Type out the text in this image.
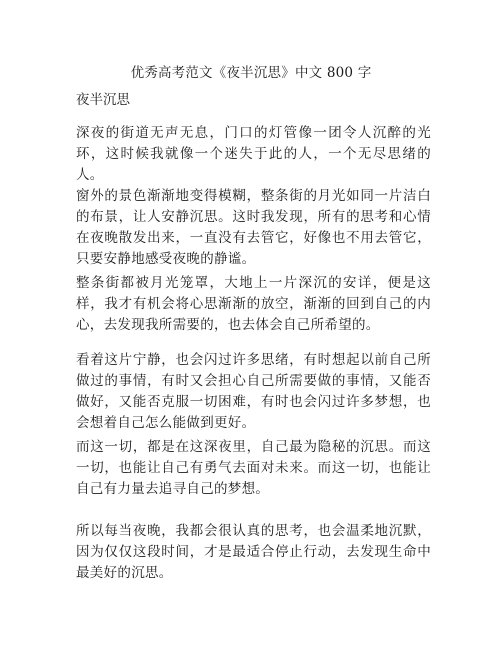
优秀高考范文《夜半沉思》中文 800 字
夜半沉思

深夜的街道无声无息，门口的灯管像一团令人沉醉的光环，这时候我就像一个迷失于此的人，一个无尽思绪的人。

窗外的景色渐渐地变得模糊，整条街的月光如同一片洁白的布景，让人安静沉思。这时我发现，所有的思考和心情在夜晚散发出来，一直没有去管它，好像也不用去管它，只要安静地感受夜晚的静谧。

整条街都被月光笼罩，大地上一片深沉的安详，便是这样，我才有机会将心思渐渐的放空，渐渐的回到自己的内心，去发现我所需要的，也去体会自己所希望的。

看着这片宁静，也会闪过许多思绪，有时想起以前自己所做过的事情，有时又会担心自己所需要做的事情，又能否做好，又能否克服一切困难，有时也会闪过许多梦想，也会想着自己怎么能做到更好。

而这一切，都是在这深夜里，自己最为隐秘的沉思。而这一切，也能让自己有勇气去面对未来。而这一切，也能让自己有力量去追寻自己的梦想。

所以每当夜晚，我都会很认真的思考，也会温柔地沉默，因为仅仅这段时间，才是最适合停止行动，去发现生命中最美好的沉思。
